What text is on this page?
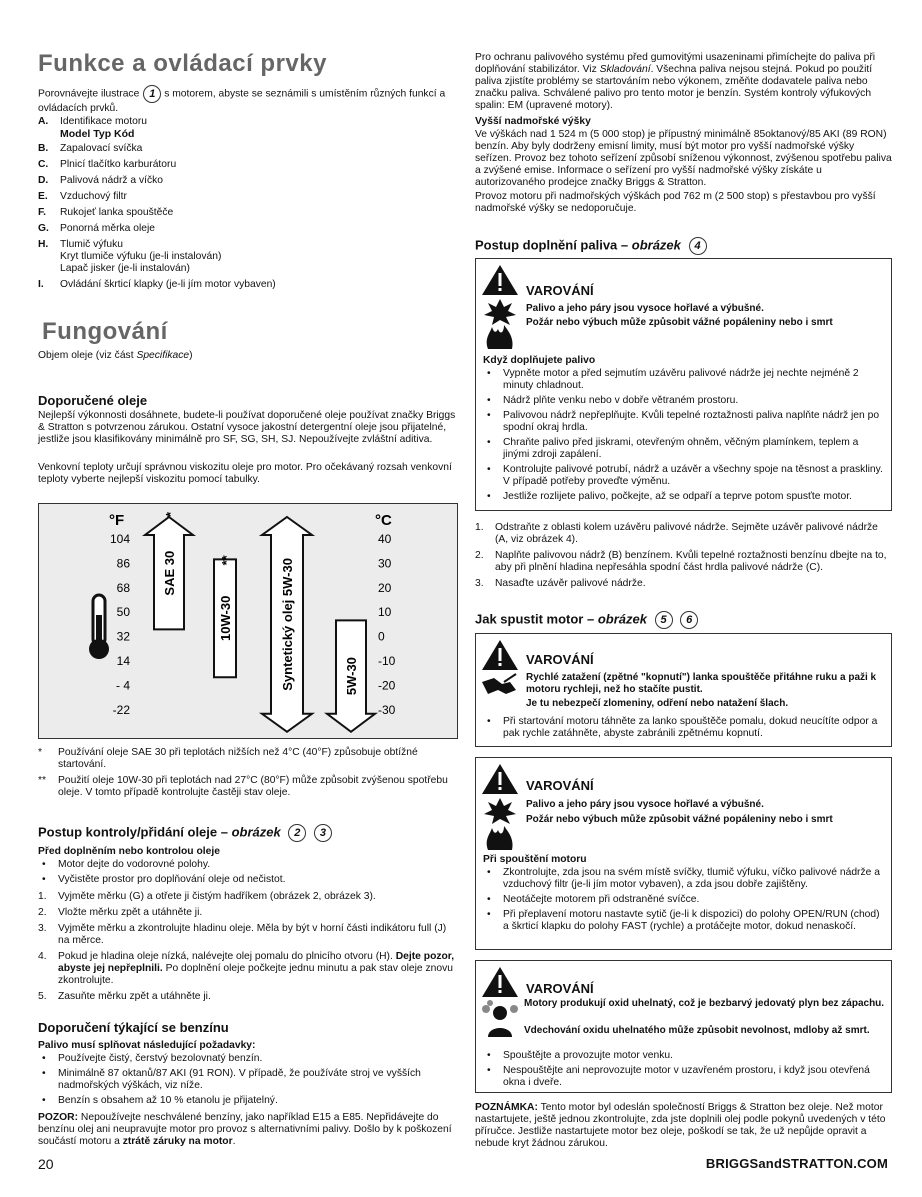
Funkce a ovládací prvky
Porovnávejte ilustrace 1 s motorem, abyste se seznámili s umístěním různých funkcí a ovládacích prvků.
A. Identifikace motoru
Model Typ Kód
B. Zapalovací svíčka
C. Plnicí tlačítko karburátoru
D. Palivová nádrž a víčko
E. Vzduchový filtr
F. Rukojeť lanka spouštěče
G. Ponorná měrka oleje
H. Tlumič výfuku
Kryt tlumiče výfuku (je-li instalován)
Lapač jisker (je-li instalován)
I. Ovládání škrticí klapky (je-li jím motor vybaven)
Fungování
Objem oleje (viz část Specifikace)
Doporučené oleje
Nejlepší výkonnosti dosáhnete, budete-li používat doporučené oleje používat značky Briggs & Stratton s potvrzenou zárukou. Ostatní vysoce jakostní detergentní oleje jsou přijatelné, jestliže jsou klasifikovány minimálně pro SF, SG, SH, SJ. Nepoužívejte zvláštní aditiva.
Venkovní teploty určují správnou viskozitu oleje pro motor. Pro očekávaný rozsah venkovní teploty vyberte nejlepší viskozitu pomocí tabulky.
°F	°C
104
86
68
50
32
14
- 4
-22
40
30
20
10
0
-10
-20
-30
SAE 30
*
10W-30
**	Syntetický olej 5W-30	5W-30
* Používání oleje SAE 30 při teplotách nižších než 4°C (40°F) způsobuje obtížné startování.
** Použití oleje 10W-30 při teplotách nad 27°C (80°F) může způsobit zvýšenou spotřebu oleje. V tomto případě kontrolujte častěji stav oleje.
Postup kontroly/přidání oleje – obrázek 2 3
Před doplněním nebo kontrolou oleje
• Motor dejte do vodorovné polohy.
• Vyčistěte prostor pro doplňování oleje od nečistot.
1. Vyjměte měrku (G) a otřete ji čistým hadříkem (obrázek 2, obrázek 3).
2. Vložte měrku zpět a utáhněte ji.
3. Vyjměte měrku a zkontrolujte hladinu oleje. Měla by být v horní části indikátoru full (J) na měrce.
4. Pokud je hladina oleje nízká, nalévejte olej pomalu do plnicího otvoru (H). Dejte pozor, abyste jej nepřeplnili. Po doplnění oleje počkejte jednu minutu a pak stav oleje znovu zkontrolujte.
5. Zasuňte měrku zpět a utáhněte ji.
Doporučení týkající se benzínu
Palivo musí splňovat následující požadavky:
• Používejte čistý, čerstvý bezolovnatý benzín.
• Minimálně 87 oktanů/87 AKI (91 RON). V případě, že používáte stroj ve vyšších nadmořských výškách, viz níže.
• Benzín s obsahem až 10 % etanolu je přijatelný.
POZOR: Nepoužívejte neschválené benzíny, jako například E15 a E85. Nepřidávejte do benzínu olej ani neupravujte motor pro provoz s alternativními palivy. Došlo by k poškození součástí motoru a ztrátě záruky na motor.
20
Pro ochranu palivového systému před gumovitými usazeninami přimíchejte do paliva při doplňování stabilizátor. Viz Skladování. Všechna paliva nejsou stejná. Pokud po použití paliva zjistíte problémy se startováním nebo výkonem, změňte dodavatele paliva nebo značku paliva. Schválené palivo pro tento motor je benzín. Systém kontroly výfukových spalin: EM (upravené motory).
Vyšší nadmořské výšky
Ve výškách nad 1 524 m (5 000 stop) je přípustný minimálně 85oktanový/85 AKI (89 RON) benzín. Aby byly dodrženy emisní limity, musí být motor pro vyšší nadmořské výšky seřízen. Provoz bez tohoto seřízení způsobí sníženou výkonnost, zvýšenou spotřebu paliva a zvýšené emise. Informace o seřízení pro vyšší nadmořské výšky získáte u autorizovaného prodejce značky Briggs & Stratton.
Provoz motoru při nadmořských výškách pod 762 m (2 500 stop) s přestavbou pro vyšší nadmořské výšky se nedoporučuje.
Postup doplnění paliva – obrázek 4
VAROVÁNÍ
Palivo a jeho páry jsou vysoce hořlavé a výbušné.
Požár nebo výbuch může způsobit vážné popáleniny nebo i smrt
Když doplňujete palivo
• Vypněte motor a před sejmutím uzávěru palivové nádrže jej nechte nejméně 2 minuty chladnout.
• Nádrž plňte venku nebo v dobře větraném prostoru.
• Palivovou nádrž nepřeplňujte. Kvůli tepelné roztažnosti paliva naplňte nádrž jen po spodní okraj hrdla.
• Chraňte palivo před jiskrami, otevřeným ohněm, věčným plamínkem, teplem a jinými zdroji zapálení.
• Kontrolujte palivové potrubí, nádrž a uzávěr a všechny spoje na těsnost a praskliny. V případě potřeby proveďte výměnu.
• Jestliže rozlijete palivo, počkejte, až se odpaří a teprve potom spusťte motor.
1. Odstraňte z oblasti kolem uzávěru palivové nádrže. Sejměte uzávěr palivové nádrže (A, viz obrázek 4).
2. Naplňte palivovou nádrž (B) benzínem. Kvůli tepelné roztažnosti benzínu dbejte na to, aby při plnění hladina nepřesáhla spodní část hrdla palivové nádrže (C).
3. Nasaďte uzávěr palivové nádrže.
Jak spustit motor – obrázek 5 6
VAROVÁNÍ
Rychlé zatažení (zpětné "kopnutí") lanka spouštěče přitáhne ruku a paži k motoru rychleji, než ho stačíte pustit.
Je tu nebezpečí zlomeniny, odření nebo natažení šlach.
• Při startování motoru táhněte za lanko spouštěče pomalu, dokud neucítíte odpor a pak rychle zatáhněte, abyste zabránili zpětnému kopnutí.
VAROVÁNÍ
Palivo a jeho páry jsou vysoce hořlavé a výbušné.
Požár nebo výbuch může způsobit vážné popáleniny nebo i smrt
Při spouštění motoru
• Zkontrolujte, zda jsou na svém místě svíčky, tlumič výfuku, víčko palivové nádrže a vzduchový filtr (je-li jím motor vybaven), a zda jsou dobře zajištěny.
• Neotáčejte motorem při odstraněné svíčce.
• Při přeplavení motoru nastavte sytič (je-li k dispozici) do polohy OPEN/RUN (chod) a škrticí klapku do polohy FAST (rychle) a protáčejte motor, dokud nenaskočí.
VAROVÁNÍ
Motory produkují oxid uhelnatý, což je bezbarvý jedovatý plyn bez zápachu.
Vdechování oxidu uhelnatého může způsobit nevolnost, mdloby až smrt.
• Spouštějte a provozujte motor venku.
• Nespouštějte ani neprovozujte motor v uzavřeném prostoru, i když jsou otevřená okna i dveře.
POZNÁMKA: Tento motor byl odeslán společností Briggs & Stratton bez oleje. Než motor nastartujete, ještě jednou zkontrolujte, zda jste doplnili olej podle pokynů uvedených v této příručce. Jestliže nastartujete motor bez oleje, poškodí se tak, že už nepůjde opravit a nebude kryt žádnou zárukou.
BRIGGSandSTRATTON.COM
